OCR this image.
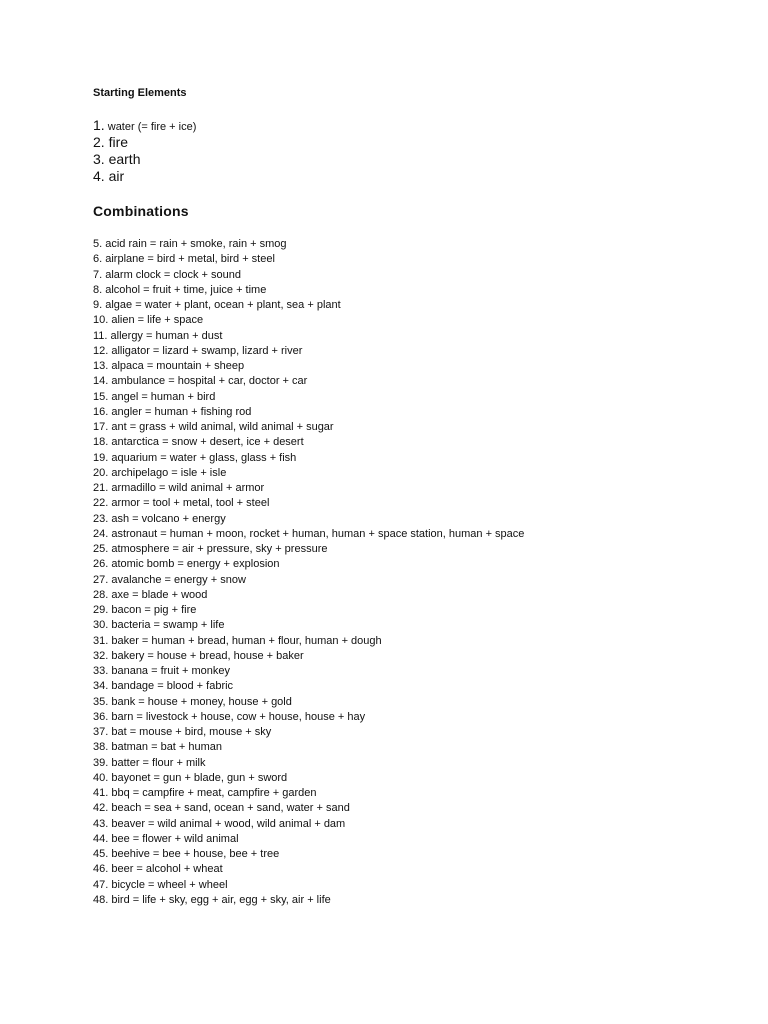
Starting Elements
1. water (= fire + ice)
2. fire
3. earth
4. air
Combinations
5. acid rain = rain + smoke, rain + smog
6. airplane = bird + metal, bird + steel
7. alarm clock = clock + sound
8. alcohol = fruit + time, juice + time
9. algae = water + plant, ocean + plant, sea + plant
10. alien = life + space
11. allergy = human + dust
12. alligator = lizard + swamp, lizard + river
13. alpaca = mountain + sheep
14. ambulance = hospital + car, doctor + car
15. angel = human + bird
16. angler = human + fishing rod
17. ant = grass + wild animal, wild animal + sugar
18. antarctica = snow + desert, ice + desert
19. aquarium = water + glass, glass + fish
20. archipelago = isle + isle
21. armadillo = wild animal + armor
22. armor = tool + metal, tool + steel
23. ash = volcano + energy
24. astronaut = human + moon, rocket + human, human + space station, human + space
25. atmosphere = air + pressure, sky + pressure
26. atomic bomb = energy + explosion
27. avalanche = energy + snow
28. axe = blade + wood
29. bacon = pig + fire
30. bacteria = swamp + life
31. baker = human + bread, human + flour, human + dough
32. bakery = house + bread, house + baker
33. banana = fruit + monkey
34. bandage = blood + fabric
35. bank = house + money, house + gold
36. barn = livestock + house, cow + house, house + hay
37. bat = mouse + bird, mouse + sky
38. batman = bat + human
39. batter = flour + milk
40. bayonet = gun + blade, gun + sword
41. bbq = campfire + meat, campfire + garden
42. beach = sea + sand, ocean + sand, water + sand
43. beaver = wild animal + wood, wild animal + dam
44. bee = flower + wild animal
45. beehive = bee + house, bee + tree
46. beer = alcohol + wheat
47. bicycle = wheel + wheel
48. bird = life + sky, egg + air, egg + sky, air + life
